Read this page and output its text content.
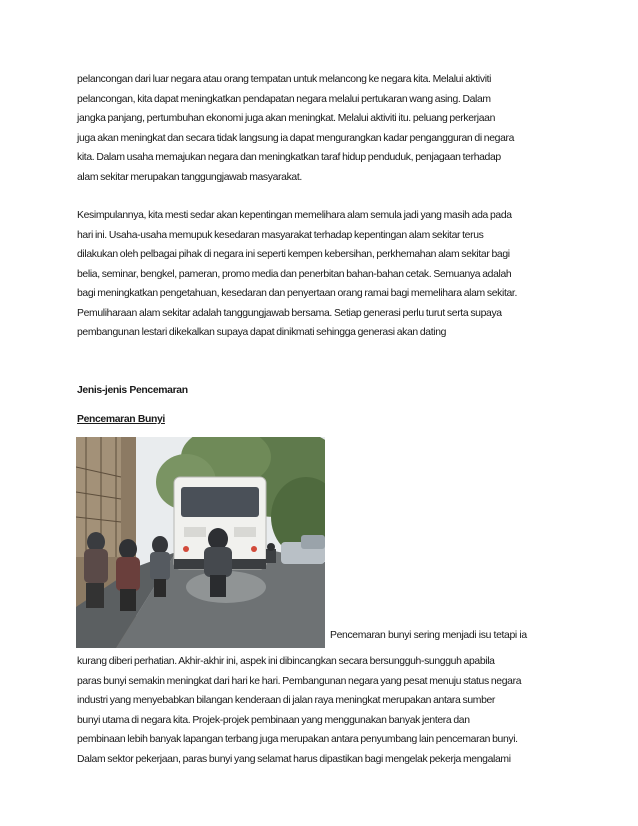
pelancongan dari luar negara atau orang tempatan untuk melancong ke negara kita. Melalui aktiviti
pelancongan, kita dapat meningkatkan pendapatan negara melalui pertukaran wang asing. Dalam
jangka panjang, pertumbuhan ekonomi juga akan meningkat. Melalui aktiviti itu. peluang perkerjaan
juga akan meningkat dan secara tidak langsung ia dapat mengurangkan kadar pengangguran di negara
kita. Dalam usaha memajukan negara dan meningkatkan taraf hidup penduduk, penjagaan terhadap
alam sekitar merupakan tanggungjawab masyarakat.

Kesimpulannya, kita mesti sedar akan kepentingan memelihara alam semula jadi yang masih ada pada
hari ini. Usaha-usaha memupuk kesedaran masyarakat terhadap kepentingan alam sekitar terus
dilakukan oleh pelbagai pihak di negara ini seperti kempen kebersihan, perkhemahan alam sekitar bagi
belia, seminar, bengkel, pameran, promo media dan penerbitan bahan-bahan cetak. Semuanya adalah
bagi meningkatkan pengetahuan, kesedaran dan penyertaan orang ramai bagi memelihara alam sekitar.
Pemuliharaan alam sekitar adalah tanggungjawab bersama. Setiap generasi perlu turut serta supaya
pembangunan lestari dikekalkan supaya dapat dinikmati sehingga generasi akan dating

Jenis-jenis Pencemaran
Pencemaran Bunyi
Pencemaran bunyi sering menjadi isu tetapi ia

kurang diberi perhatian. Akhir-akhir ini, aspek ini dibincangkan secara bersungguh-sungguh apabila
paras bunyi semakin meningkat dari hari ke hari. Pembangunan negara yang pesat menuju status negara
industri yang menyebabkan bilangan kenderaan di jalan raya meningkat merupakan antara sumber
bunyi utama di negara kita. Projek-projek pembinaan yang menggunakan banyak jentera dan
pembinaan lebih banyak lapangan terbang juga merupakan antara penyumbang lain pencemaran bunyi.
Dalam sektor pekerjaan, paras bunyi yang selamat harus dipastikan bagi mengelak pekerja mengalami
